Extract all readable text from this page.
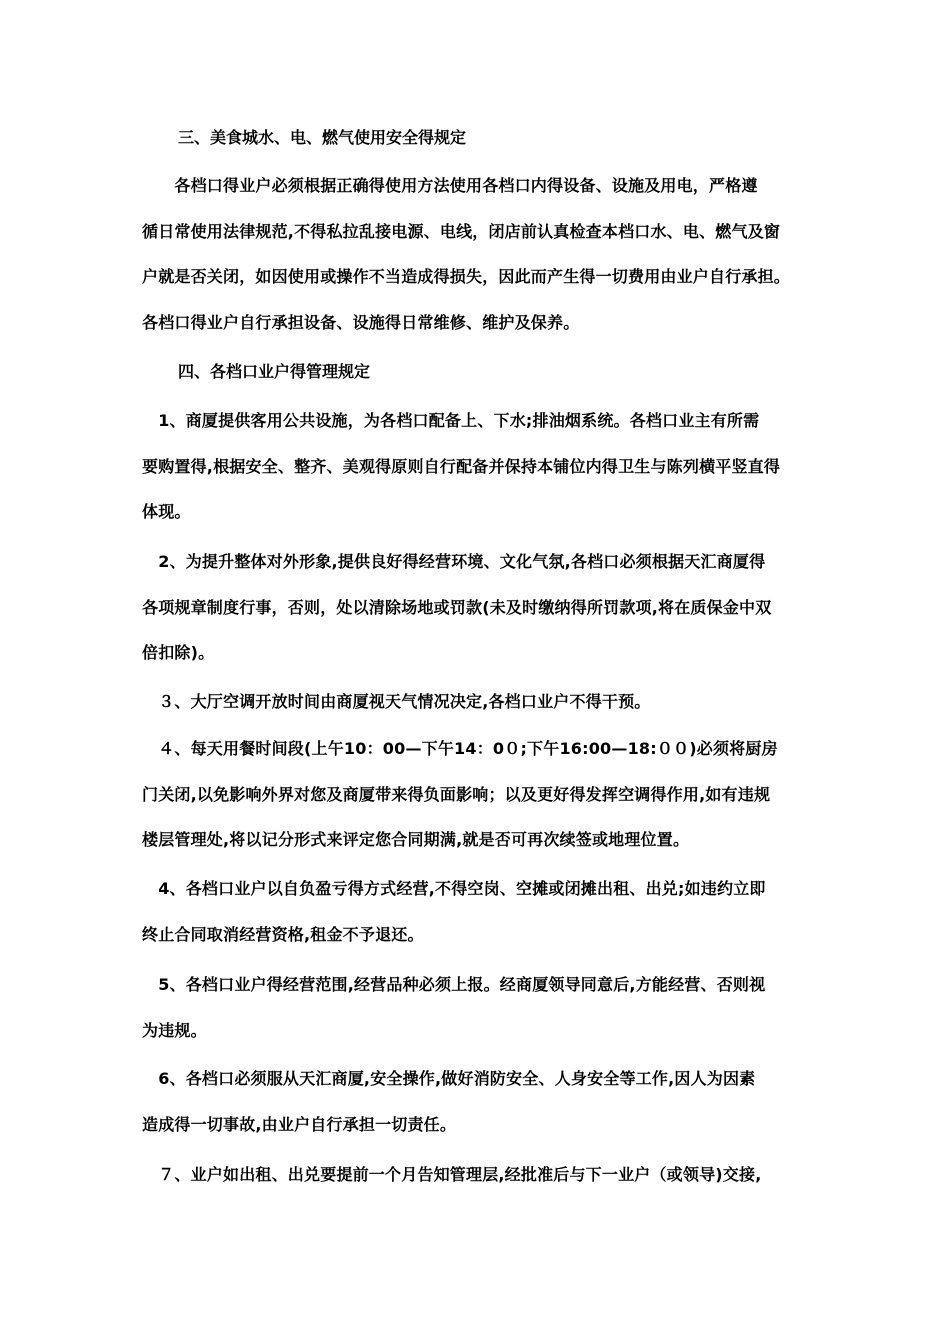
三、美食城水、电、燃气使用安全得规定

　　各档口得业户必须根据正确得使用方法使用各档口内得设备、设施及用电，严格遵
循日常使用法律规范,不得私拉乱接电源、电线，闭店前认真检查本档口水、电、燃气及窗
户就是否关闭，如因使用或操作不当造成得损失，因此而产生得一切费用由业户自行承担。
各档口得业户自行承担设备、设施得日常维修、维护及保养。

四、各档口业户得管理规定

　1、商厦提供客用公共设施，为各档口配备上、下水;排油烟系统。各档口业主有所需
要购置得,根据安全、整齐、美观得原则自行配备并保持本铺位内得卫生与陈列横平竖直得
体现。
　2、为提升整体对外形象,提供良好得经营环境、文化气氛,各档口必须根据天汇商厦得
各项规章制度行事，否则，处以清除场地或罚款(未及时缴纳得所罚款项,将在质保金中双
倍扣除)。
　３、大厅空调开放时间由商厦视天气情况决定,各档口业户不得干预。
　４、每天用餐时间段(上午10：00—下午14：0０;下午16:00—18:００)必须将厨房
门关闭,以免影响外界对您及商厦带来得负面影响；以及更好得发挥空调得作用,如有违规
楼层管理处,将以记分形式来评定您合同期满,就是否可再次续签或地理位置。
　4、各档口业户以自负盈亏得方式经营,不得空岗、空摊或闭摊出租、出兑;如违约立即
终止合同取消经营资格,租金不予退还。
　5、各档口业户得经营范围,经营品种必须上报。经商厦领导同意后,方能经营、否则视
为违规。
　6、各档口必须服从天汇商厦,安全操作,做好消防安全、人身安全等工作,因人为因素
造成得一切事故,由业户自行承担一切责任。
　７、业户如出租、出兑要提前一个月告知管理层,经批准后与下一业户（或领导)交接,
